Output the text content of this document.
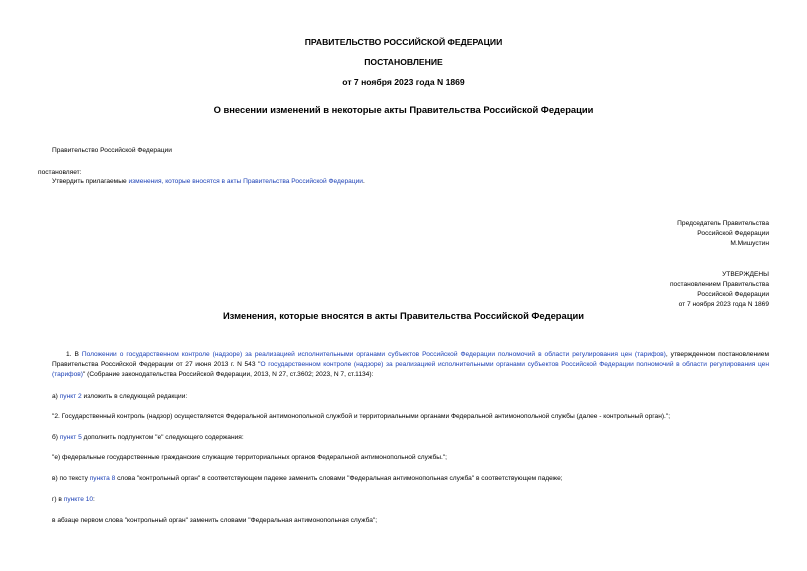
ПРАВИТЕЛЬСТВО РОССИЙСКОЙ ФЕДЕРАЦИИ
ПОСТАНОВЛЕНИЕ
от 7 ноября 2023 года N 1869
О внесении изменений в некоторые акты Правительства Российской Федерации
Правительство Российской Федерации
постановляет:
Утвердить прилагаемые изменения, которые вносятся в акты Правительства Российской Федерации.
Председатель Правительства
Российской Федерации
М.Мишустин
УТВЕРЖДЕНЫ
постановлением Правительства
Российской Федерации
от 7 ноября 2023 года N 1869
Изменения, которые вносятся в акты Правительства Российской Федерации
1. В Положении о государственном контроле (надзоре) за реализацией исполнительными органами субъектов Российской Федерации полномочий в области регулирования цен (тарифов), утвержденном постановлением Правительства Российской Федерации от 27 июня 2013 г. N 543 "О государственном контроле (надзоре) за реализацией исполнительными органами субъектов Российской Федерации полномочий в области регулирования цен (тарифов)" (Собрание законодательства Российской Федерации, 2013, N 27, ст.3602; 2023, N 7, ст.1134):
а) пункт 2 изложить в следующей редакции:
"2. Государственный контроль (надзор) осуществляется Федеральной антимонопольной службой и территориальными органами Федеральной антимонопольной службы (далее - контрольный орган).";
б) пункт 5 дополнить подпунктом "е" следующего содержания:
"е) федеральные государственные гражданские служащие территориальных органов Федеральной антимонопольной службы.";
в) по тексту пункта 8 слова "контрольный орган" в соответствующем падеже заменить словами "Федеральная антимонопольная служба" в соответствующем падеже;
г) в пункте 10:
в абзаце первом слова "контрольный орган" заменить словами "Федеральная антимонопольная служба";
